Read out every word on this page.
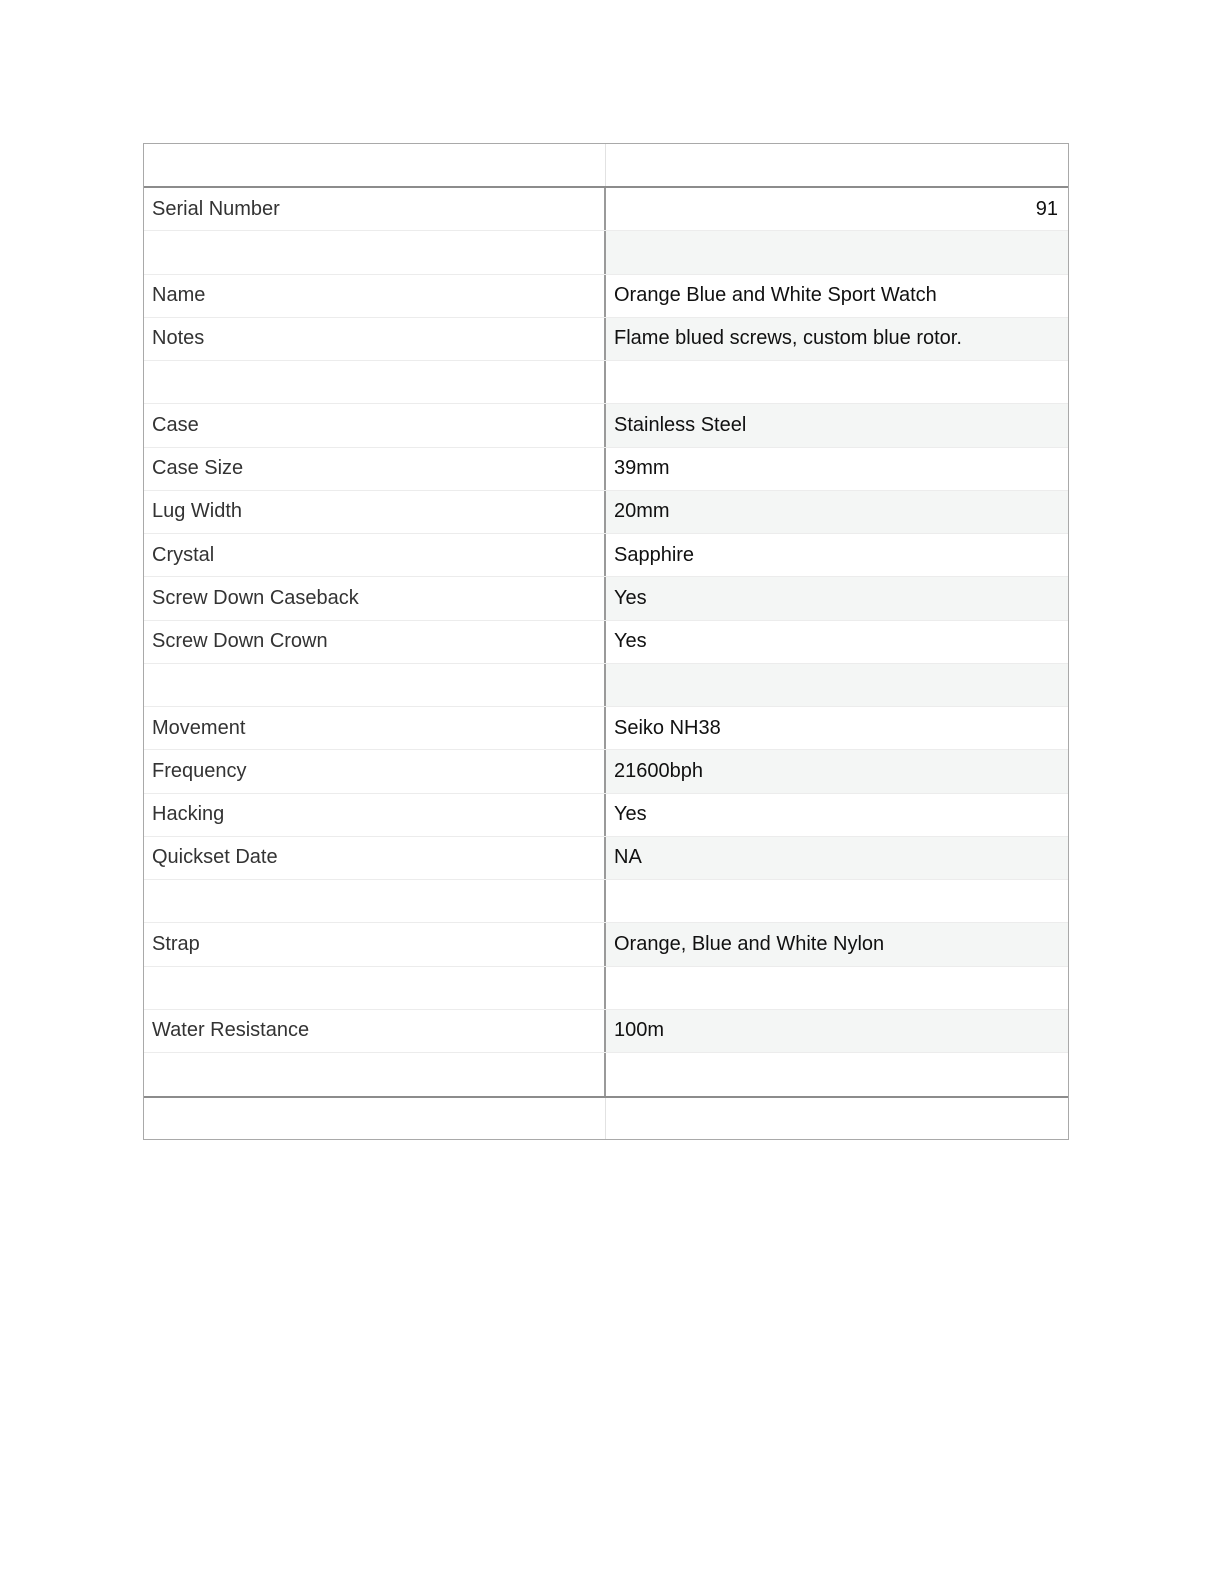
Serial Number	91
Name	Orange Blue and White Sport Watch
Notes	Flame blued screws, custom blue rotor.
Case	Stainless Steel
Case Size	39mm
Lug Width	20mm
Crystal	Sapphire
Screw Down Caseback	Yes
Screw Down Crown	Yes
Movement	Seiko NH38
Frequency	21600bph
Hacking	Yes
Quickset Date	NA
Strap	Orange, Blue and White Nylon
Water Resistance	100m
